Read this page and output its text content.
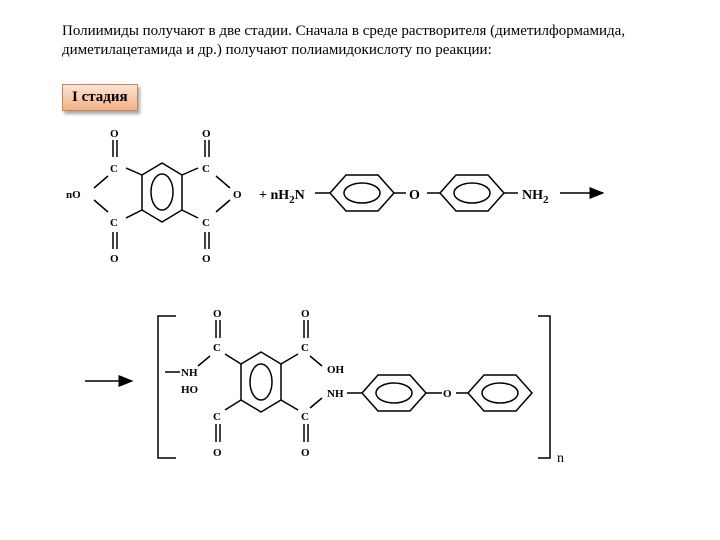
Полиимиды получают в две стадии. Сначала в среде растворителя (диметилформамида, диметилацетамида и др.) получают полиамидокислоту по реакции:

I стадия
O	O
C	C
nO	O
C	C
O	O
+ $nH_2N$	O	$NH_2$
O	O
C	C
NH
HO
OH
NH	O
C	C
O	O	n
